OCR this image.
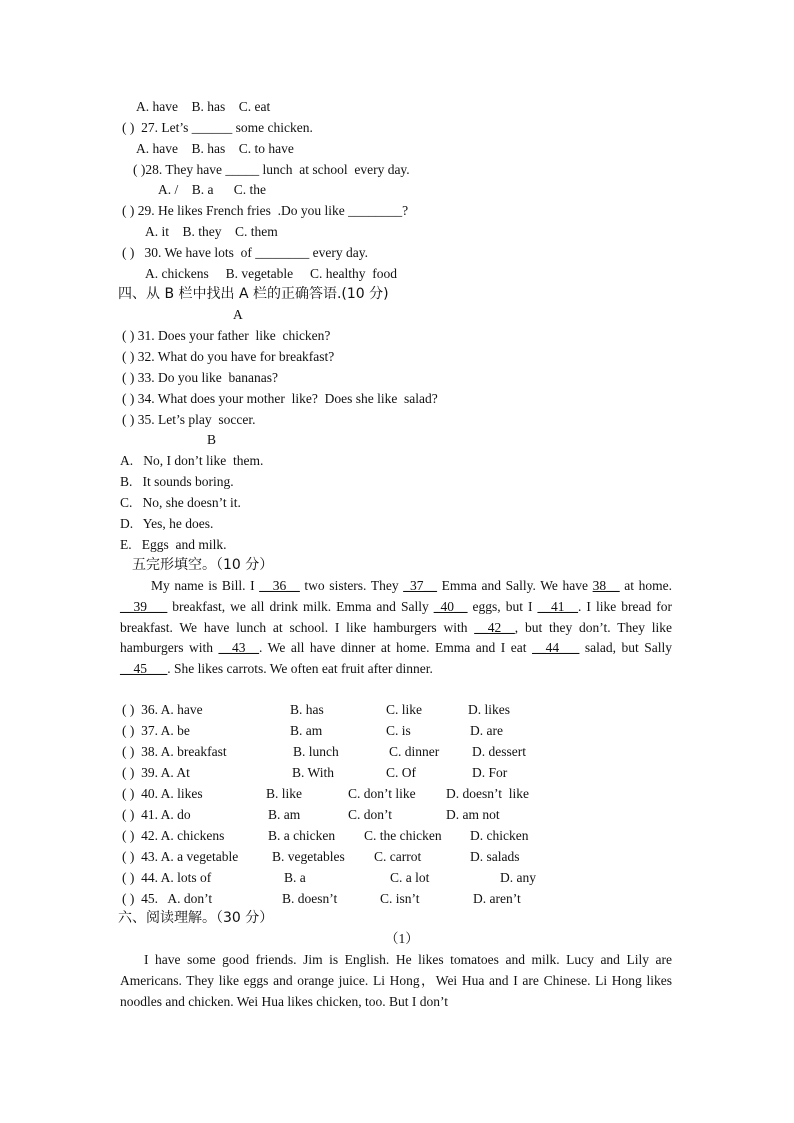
A. have    B. has    C. eat
( ) 27. Let’s ______ some chicken.
A. have    B. has    C. to have
( )28. They have _____ lunch  at school  every day.
A. /    B. a      C. the
( ) 29. He likes French fries  .Do you like ________?
A. it    B. they    C. them
( ) 30. We have lots  of ________ every day.
A. chickens     B. vegetable     C. healthy  food
四、从 B 栏中找出 A 栏的正确答语.(10 分)
A
( ) 31. Does your father  like  chicken?
( ) 32. What do you have for breakfast?
( ) 33. Do you like  bananas?
( ) 34. What does your mother  like?  Does she like  salad?
( ) 35. Let’s play  soccer.
B
A.   No, I don’t like  them.
B.   It sounds boring.
C.   No, she doesn’t it.
D.   Yes, he does.
E.   Eggs  and milk.
五完形填空。（10 分）
My name is Bill. I __36__ two sisters. They _37__ Emma and Sally. We have 38__ at home. __39___ breakfast, we all drink milk. Emma and Sally _40__ eggs, but I __41__. I like bread for breakfast. We have lunch at school. I like hamburgers with __42__, but they don’t. They like hamburgers with __43__. We all have dinner at home. Emma and I eat __44___ salad, but Sally __45___. She likes carrots. We often eat fruit after dinner.
( )  36. A. have	B. has	C. like	D. likes
( )  37. A. be	B. am	C. is	D. are
( )  38. A. breakfast	B. lunch	C. dinner D. dessert
( )  39. A. At	B. With	C. Of	D. For
( )  40. A. likes	B. like	C. don’t like D. doesn’t  like
( )  41. A. do	B. am	C. don’t	D. am not
( )  42. A. chickens	B. a chicken C. the chicken D. chicken
( )  43. A. a vegetable	B. vegetables C. carrot	D. salads
( )  44. A. lots of	B. a	C. a lot	D. any
( )  45.   A. don’t	B. doesn’t	C. isn’t	D. aren’t
六、阅读理解。（30 分）
（1）
I have some good friends. Jim is English. He likes tomatoes and milk. Lucy and Lily are Americans. They like eggs and orange juice. Li Hong，Wei Hua and I are Chinese. Li Hong likes noodles and chicken. Wei Hua likes chicken, too. But I don’t
